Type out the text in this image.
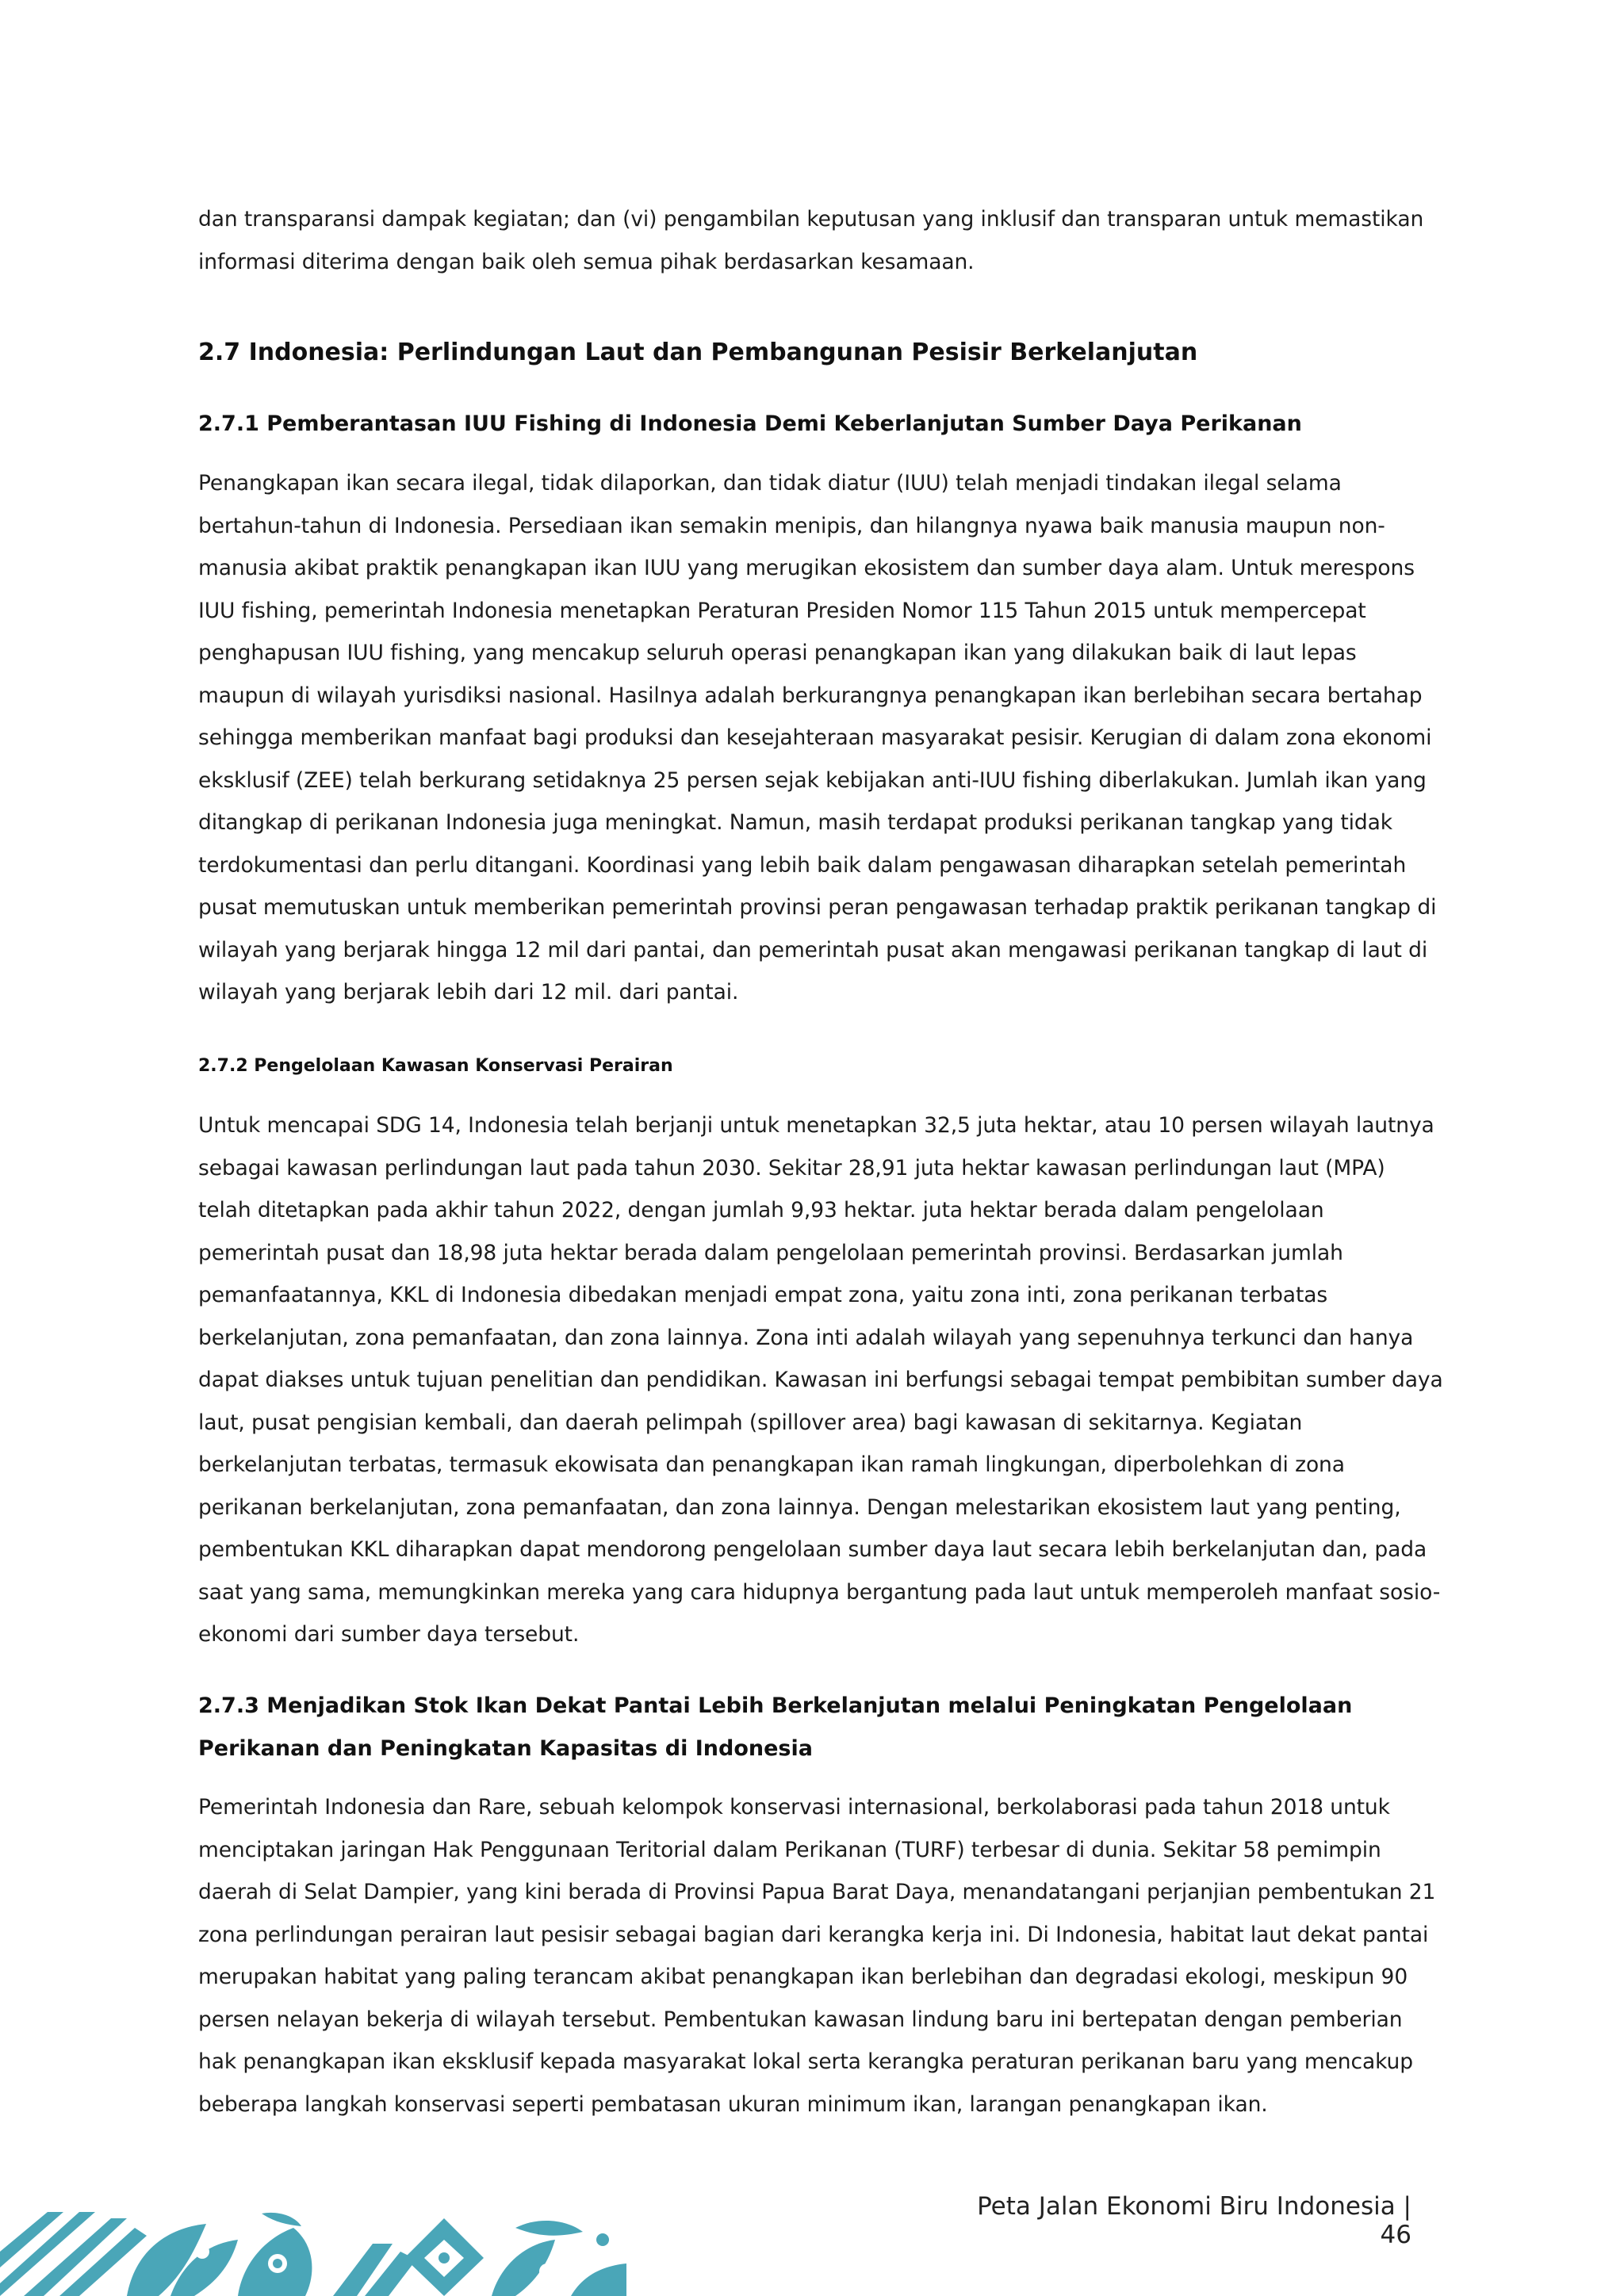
dan transparansi dampak kegiatan; dan (vi) pengambilan keputusan yang inklusif dan transparan untuk memastikan informasi diterima dengan baik oleh semua pihak berdasarkan kesamaan.

2.7 Indonesia: Perlindungan Laut dan Pembangunan Pesisir Berkelanjutan
2.7.1 Pemberantasan IUU Fishing di Indonesia Demi Keberlanjutan Sumber Daya Perikanan

Penangkapan ikan secara ilegal, tidak dilaporkan, dan tidak diatur (IUU) telah menjadi tindakan ilegal selama bertahun-tahun di Indonesia. Persediaan ikan semakin menipis, dan hilangnya nyawa baik manusia maupun non-manusia akibat praktik penangkapan ikan IUU yang merugikan ekosistem dan sumber daya alam. Untuk merespons IUU fishing, pemerintah Indonesia menetapkan Peraturan Presiden Nomor 115 Tahun 2015 untuk mempercepat penghapusan IUU fishing, yang mencakup seluruh operasi penangkapan ikan yang dilakukan baik di laut lepas maupun di wilayah yurisdiksi nasional. Hasilnya adalah berkurangnya penangkapan ikan berlebihan secara bertahap sehingga memberikan manfaat bagi produksi dan kesejahteraan masyarakat pesisir. Kerugian di dalam zona ekonomi eksklusif (ZEE) telah berkurang setidaknya 25 persen sejak kebijakan anti-IUU fishing diberlakukan. Jumlah ikan yang ditangkap di perikanan Indonesia juga meningkat. Namun, masih terdapat produksi perikanan tangkap yang tidak terdokumentasi dan perlu ditangani. Koordinasi yang lebih baik dalam pengawasan diharapkan setelah pemerintah pusat memutuskan untuk memberikan pemerintah provinsi peran pengawasan terhadap praktik perikanan tangkap di wilayah yang berjarak hingga 12 mil dari pantai, dan pemerintah pusat akan mengawasi perikanan tangkap di laut di wilayah yang berjarak lebih dari 12 mil. dari pantai.

2.7.2 Pengelolaan Kawasan Konservasi Perairan

Untuk mencapai SDG 14, Indonesia telah berjanji untuk menetapkan 32,5 juta hektar, atau 10 persen wilayah lautnya sebagai kawasan perlindungan laut pada tahun 2030. Sekitar 28,91 juta hektar kawasan perlindungan laut (MPA) telah ditetapkan pada akhir tahun 2022, dengan jumlah 9,93 hektar. juta hektar berada dalam pengelolaan pemerintah pusat dan 18,98 juta hektar berada dalam pengelolaan pemerintah provinsi. Berdasarkan jumlah pemanfaatannya, KKL di Indonesia dibedakan menjadi empat zona, yaitu zona inti, zona perikanan terbatas berkelanjutan, zona pemanfaatan, dan zona lainnya. Zona inti adalah wilayah yang sepenuhnya terkunci dan hanya dapat diakses untuk tujuan penelitian dan pendidikan. Kawasan ini berfungsi sebagai tempat pembibitan sumber daya laut, pusat pengisian kembali, dan daerah pelimpah (spillover area) bagi kawasan di sekitarnya. Kegiatan berkelanjutan terbatas, termasuk ekowisata dan penangkapan ikan ramah lingkungan, diperbolehkan di zona perikanan berkelanjutan, zona pemanfaatan, dan zona lainnya. Dengan melestarikan ekosistem laut yang penting, pembentukan KKL diharapkan dapat mendorong pengelolaan sumber daya laut secara lebih berkelanjutan dan, pada saat yang sama, memungkinkan mereka yang cara hidupnya bergantung pada laut untuk memperoleh manfaat sosio-ekonomi dari sumber daya tersebut.

2.7.3 Menjadikan Stok Ikan Dekat Pantai Lebih Berkelanjutan melalui Peningkatan Pengelolaan Perikanan dan Peningkatan Kapasitas di Indonesia

Pemerintah Indonesia dan Rare, sebuah kelompok konservasi internasional, berkolaborasi pada tahun 2018 untuk menciptakan jaringan Hak Penggunaan Teritorial dalam Perikanan (TURF) terbesar di dunia. Sekitar 58 pemimpin daerah di Selat Dampier, yang kini berada di Provinsi Papua Barat Daya, menandatangani perjanjian pembentukan 21 zona perlindungan perairan laut pesisir sebagai bagian dari kerangka kerja ini. Di Indonesia, habitat laut dekat pantai merupakan habitat yang paling terancam akibat penangkapan ikan berlebihan dan degradasi ekologi, meskipun 90 persen nelayan bekerja di wilayah tersebut. Pembentukan kawasan lindung baru ini bertepatan dengan pemberian hak penangkapan ikan eksklusif kepada masyarakat lokal serta kerangka peraturan perikanan baru yang mencakup beberapa langkah konservasi seperti pembatasan ukuran minimum ikan, larangan penangkapan ikan.

Peta Jalan Ekonomi Biru Indonesia | 46
